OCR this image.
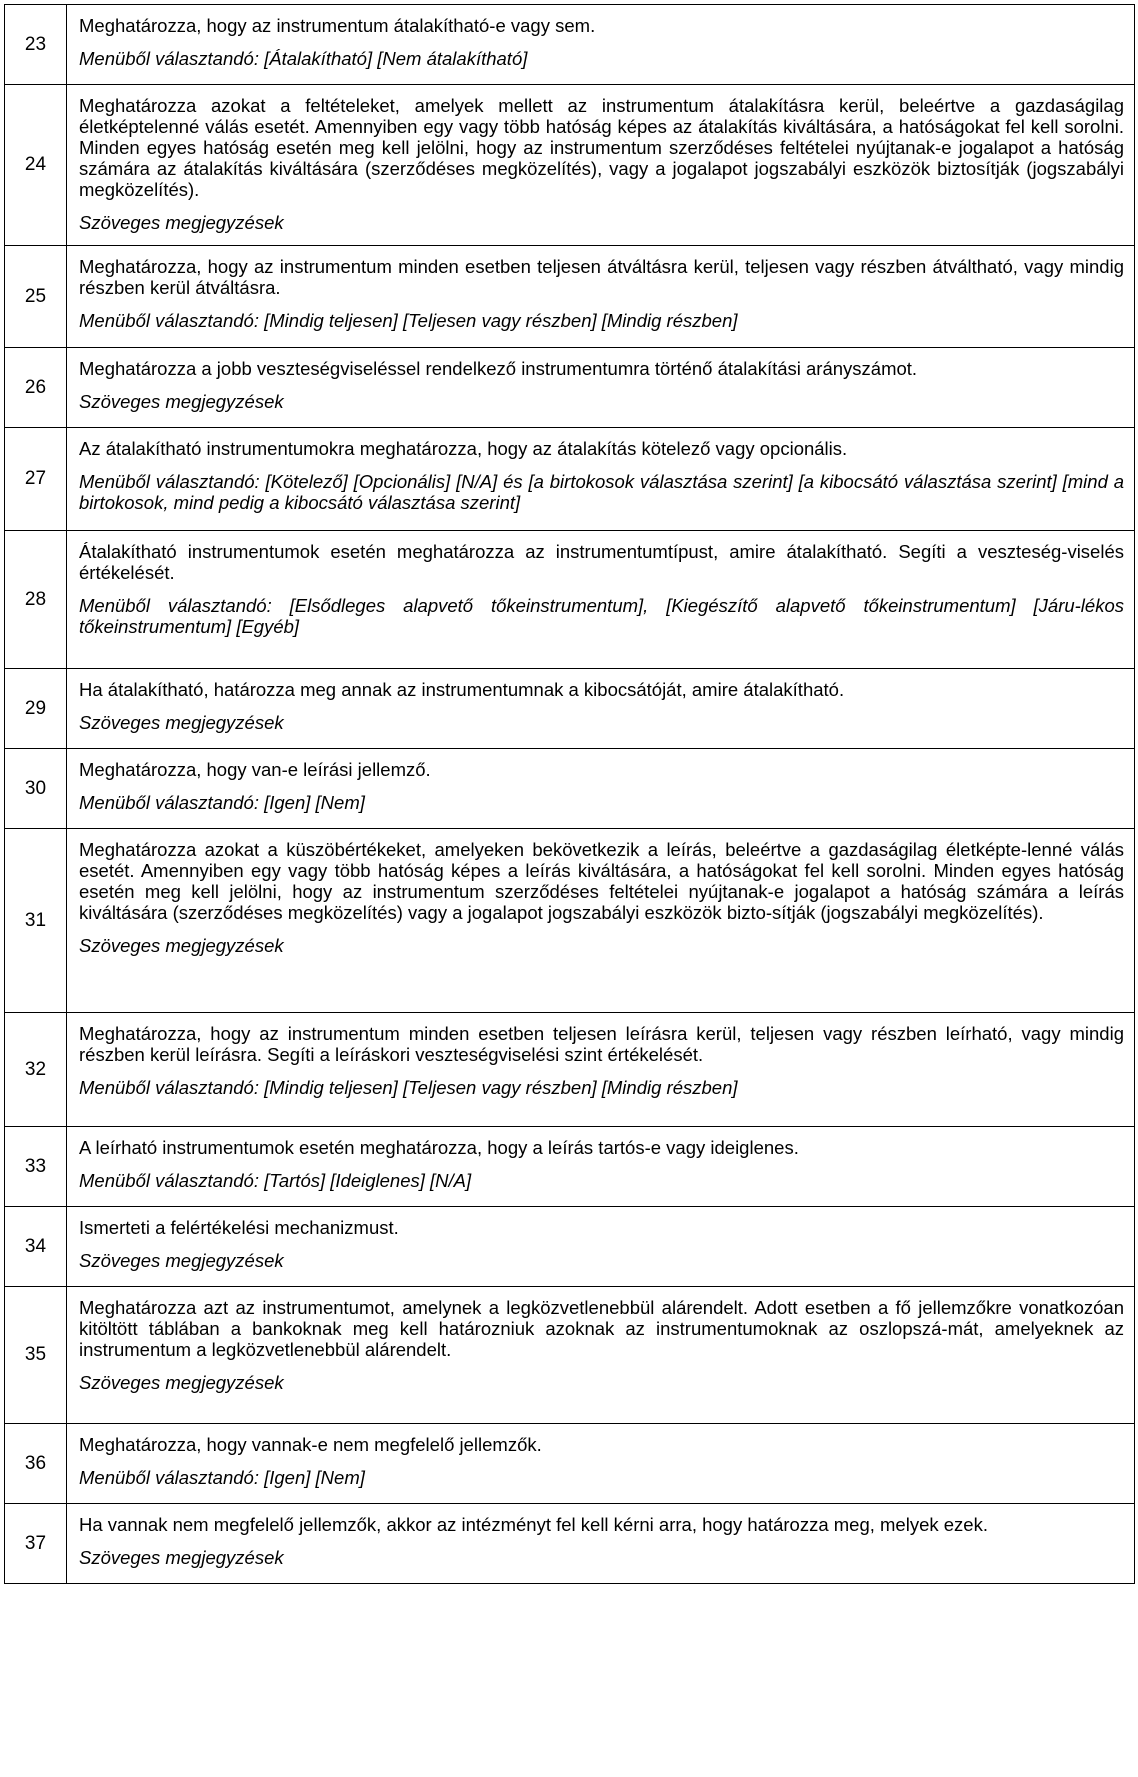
23	Meghatározza, hogy az instrumentum átalakítható-e vagy sem.

Menüből választandó: [Átalakítható] [Nem átalakítható]

24	Meghatározza azokat a feltételeket, amelyek mellett az instrumentum átalakításra kerül, beleértve a gazdaságilag életképtelenné válás esetét. Amennyiben egy vagy több hatóság képes az átalakítás kiváltására, a hatóságokat fel kell sorolni. Minden egyes hatóság esetén meg kell jelölni, hogy az instrumentum szerződéses feltételei nyújtanak-e jogalapot a hatóság számára az átalakítás kiváltására (szerződéses megközelítés), vagy a jogalapot jogszabályi eszközök biztosítják (jogszabályi megközelítés).

Szöveges megjegyzések

25	Meghatározza, hogy az instrumentum minden esetben teljesen átváltásra kerül, teljesen vagy részben átváltható, vagy mindig részben kerül átváltásra.

Menüből választandó: [Mindig teljesen] [Teljesen vagy részben] [Mindig részben]

26	Meghatározza a jobb veszteségviseléssel rendelkező instrumentumra történő átalakítási arányszámot.

Szöveges megjegyzések

27	Az átalakítható instrumentumokra meghatározza, hogy az átalakítás kötelező vagy opcionális.

Menüből választandó: [Kötelező] [Opcionális] [N/A] és [a birtokosok választása szerint] [a kibocsátó választása szerint] [mind a birtokosok, mind pedig a kibocsátó választása szerint]

28	Átalakítható instrumentumok esetén meghatározza az instrumentumtípust, amire átalakítható. Segíti a veszteség-viselés értékelését.

Menüből választandó: [Elsődleges alapvető tőkeinstrumentum], [Kiegészítő alapvető tőkeinstrumentum] [Járu-lékos tőkeinstrumentum] [Egyéb]

29	Ha átalakítható, határozza meg annak az instrumentumnak a kibocsátóját, amire átalakítható.

Szöveges megjegyzések

30	Meghatározza, hogy van-e leírási jellemző.

Menüből választandó: [Igen] [Nem]

31	Meghatározza azokat a küszöbértékeket, amelyeken bekövetkezik a leírás, beleértve a gazdaságilag életképte-lenné válás esetét. Amennyiben egy vagy több hatóság képes a leírás kiváltására, a hatóságokat fel kell sorolni. Minden egyes hatóság esetén meg kell jelölni, hogy az instrumentum szerződéses feltételei nyújtanak-e jogalapot a hatóság számára a leírás kiváltására (szerződéses megközelítés) vagy a jogalapot jogszabályi eszközök bizto-sítják (jogszabályi megközelítés).

Szöveges megjegyzések

32	Meghatározza, hogy az instrumentum minden esetben teljesen leírásra kerül, teljesen vagy részben leírható, vagy mindig részben kerül leírásra. Segíti a leíráskori veszteségviselési szint értékelését.

Menüből választandó: [Mindig teljesen] [Teljesen vagy részben] [Mindig részben]

33	A leírható instrumentumok esetén meghatározza, hogy a leírás tartós-e vagy ideiglenes.

Menüből választandó: [Tartós] [Ideiglenes] [N/A]

34	Ismerteti a felértékelési mechanizmust.

Szöveges megjegyzések

35	Meghatározza azt az instrumentumot, amelynek a legközvetlenebbül alárendelt. Adott esetben a fő jellemzőkre vonatkozóan kitöltött táblában a bankoknak meg kell határozniuk azoknak az instrumentumoknak az oszlopszá-mát, amelyeknek az instrumentum a legközvetlenebbül alárendelt.

Szöveges megjegyzések

36	Meghatározza, hogy vannak-e nem megfelelő jellemzők.

Menüből választandó: [Igen] [Nem]

37	Ha vannak nem megfelelő jellemzők, akkor az intézményt fel kell kérni arra, hogy határozza meg, melyek ezek.

Szöveges megjegyzések
